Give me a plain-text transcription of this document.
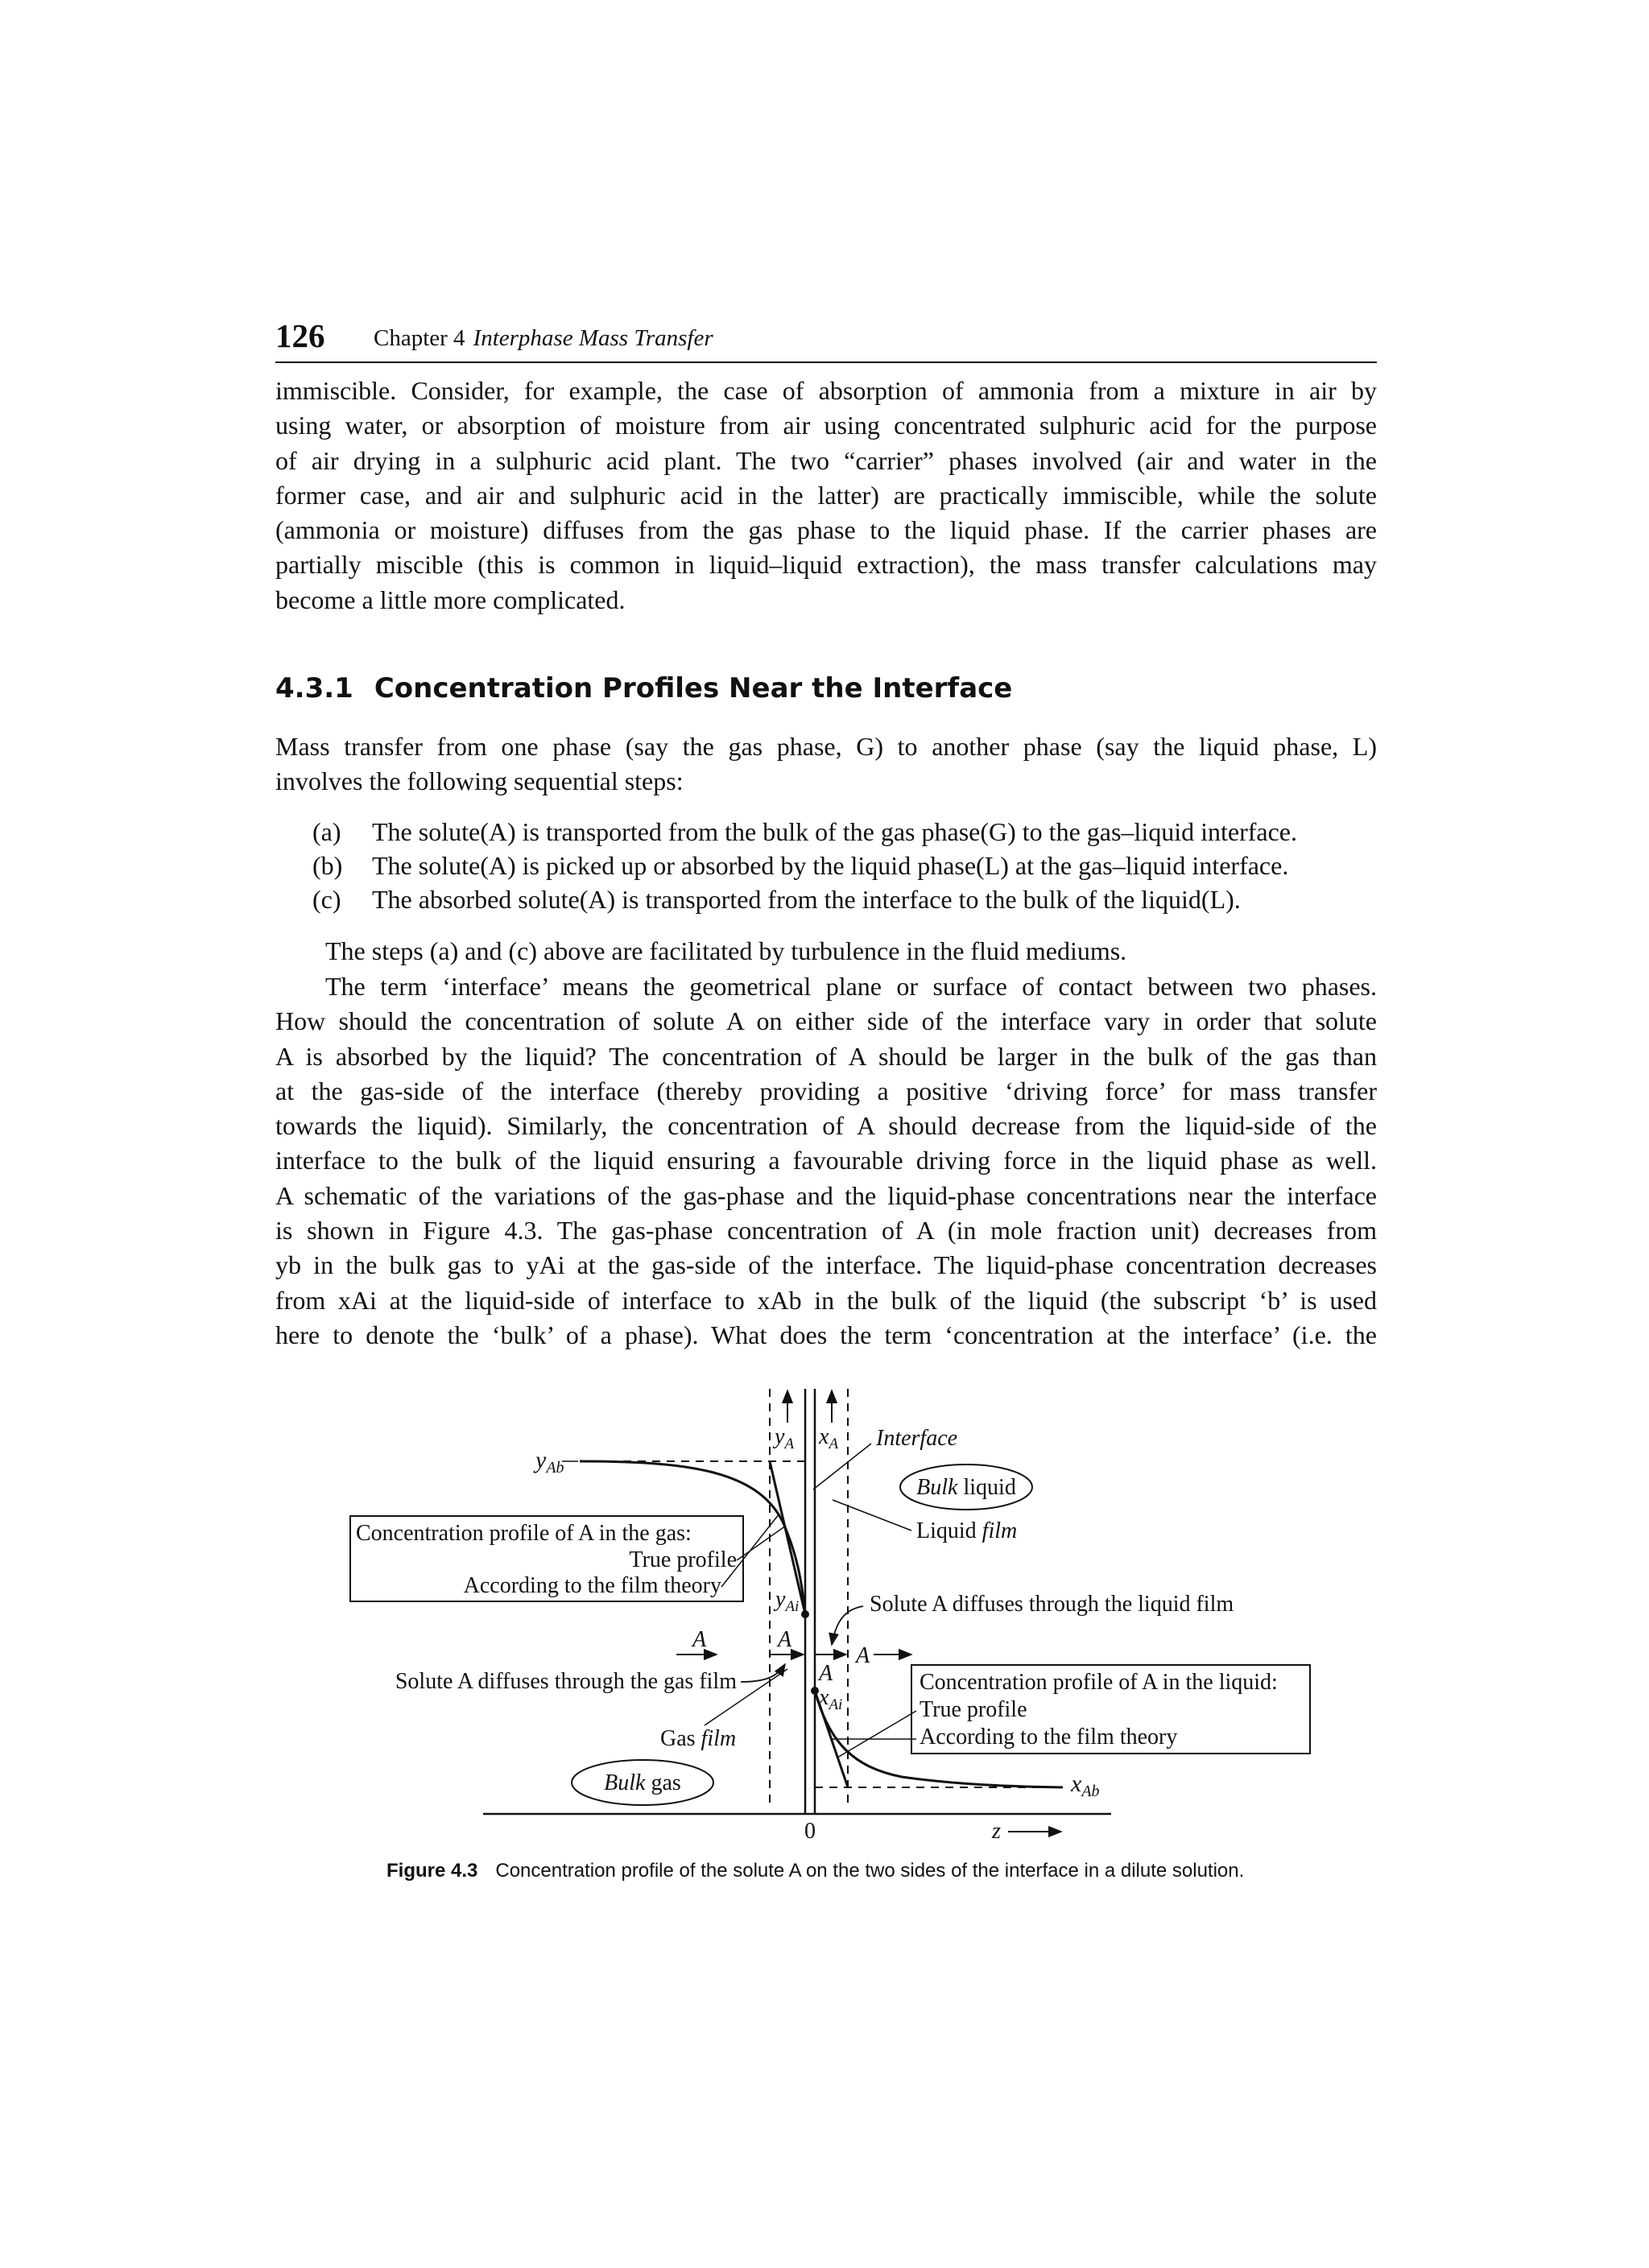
126 Chapter 4 Interphase Mass Transfer

immiscible. Consider, for example, the case of absorption of ammonia from a mixture in air by
using water, or absorption of moisture from air using concentrated sulphuric acid for the purpose
of air drying in a sulphuric acid plant. The two “carrier” phases involved (air and water in the
former case, and air and sulphuric acid in the latter) are practically immiscible, while the solute
(ammonia or moisture) diffuses from the gas phase to the liquid phase. If the carrier phases are
partially miscible (this is common in liquid–liquid extraction), the mass transfer calculations may
become a little more complicated.

4.3.1 Concentration Profiles Near the Interface

Mass transfer from one phase (say the gas phase, G) to another phase (say the liquid phase, L)
involves the following sequential steps:

(a) The solute(A) is transported from the bulk of the gas phase(G) to the gas–liquid interface.
(b) The solute(A) is picked up or absorbed by the liquid phase(L) at the gas–liquid interface.
(c) The absorbed solute(A) is transported from the interface to the bulk of the liquid(L).

The steps (a) and (c) above are facilitated by turbulence in the fluid mediums.

The term ‘interface’ means the geometrical plane or surface of contact between two phases.
How should the concentration of solute A on either side of the interface vary in order that solute
A is absorbed by the liquid? The concentration of A should be larger in the bulk of the gas than
at the gas-side of the interface (thereby providing a positive ‘driving force’ for mass transfer
towards the liquid). Similarly, the concentration of A should decrease from the liquid-side of the
interface to the bulk of the liquid ensuring a favourable driving force in the liquid phase as well.
A schematic of the variations of the gas-phase and the liquid-phase concentrations near the interface
is shown in Figure 4.3. The gas-phase concentration of A (in mole fraction unit) decreases from
yb in the bulk gas to yAi at the gas-side of the interface. The liquid-phase concentration decreases
from xAi at the liquid-side of interface to xAb in the bulk of the liquid (the subscript ‘b’ is used
here to denote the ‘bulk’ of a phase). What does the term ‘concentration at the interface’ (i.e. the

Concentration profile of A in the gas:
True profile
According to the film theory
Concentration profile of A in the liquid:
True profile
According to the film theory
Interface
Bulk liquid
Liquid film
Solute A diffuses through the liquid film
Solute A diffuses through the gas film
A	A
A
A
$y_{Ab}$
$y_A$ $x_A$
$y_{Ai}$
$x_{Ai}$
Gas film
Bulk gas	$x_{Ab}$
0	z
Figure 4.3 Concentration profile of the solute A on the two sides of the interface in a dilute solution.
